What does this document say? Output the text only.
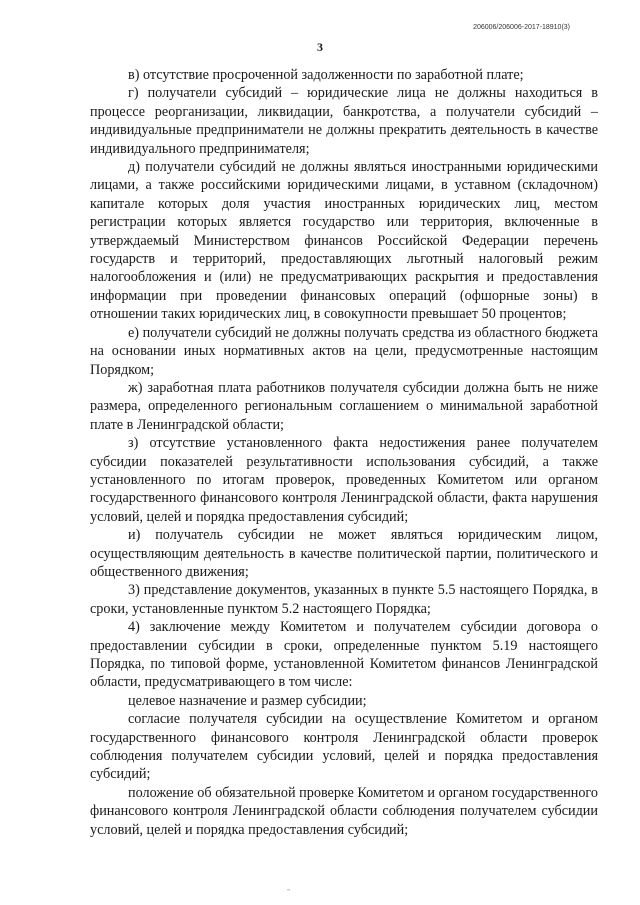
206006/206006-2017-18910(3)
3

в) отсутствие просроченной задолженности по заработной плате;

г) получатели субсидий – юридические лица не должны находиться в процессе реорганизации, ликвидации, банкротства, а получатели субсидий – индивидуальные предприниматели не должны прекратить деятельность в качестве индивидуального предпринимателя;

д) получатели субсидий не должны являться иностранными юридическими лицами, а также российскими юридическими лицами, в уставном (складочном) капитале которых доля участия иностранных юридических лиц, местом регистрации которых является государство или территория, включенные в утверждаемый Министерством финансов Российской Федерации перечень государств и территорий, предоставляющих льготный налоговый режим налогообложения и (или) не предусматривающих раскрытия и предоставления информации при проведении финансовых операций (офшорные зоны) в отношении таких юридических лиц, в совокупности превышает 50 процентов;

е) получатели субсидий не должны получать средства из областного бюджета на основании иных нормативных актов на цели, предусмотренные настоящим Порядком;

ж) заработная плата работников получателя субсидии должна быть не ниже размера, определенного региональным соглашением о минимальной заработной плате в Ленинградской области;

з) отсутствие установленного факта недостижения ранее получателем субсидии показателей результативности использования субсидий, а также установленного по итогам проверок, проведенных Комитетом или органом государственного финансового контроля Ленинградской области, факта нарушения условий, целей и порядка предоставления субсидий;

и) получатель субсидии не может являться юридическим лицом, осуществляющим деятельность в качестве политической партии, политического и общественного движения;

3) представление документов, указанных в пункте 5.5 настоящего Порядка, в сроки, установленные пунктом 5.2 настоящего Порядка;

4) заключение между Комитетом и получателем субсидии договора о предоставлении субсидии в сроки, определенные пунктом 5.19 настоящего Порядка, по типовой форме, установленной Комитетом финансов Ленинградской области, предусматривающего в том числе:

целевое назначение и размер субсидии;

согласие получателя субсидии на осуществление Комитетом и органом государственного финансового контроля Ленинградской области проверок соблюдения получателем субсидии условий, целей и порядка предоставления субсидий;

положение об обязательной проверке Комитетом и органом государственного финансового контроля Ленинградской области соблюдения получателем субсидии условий, целей и порядка предоставления субсидий;

~
